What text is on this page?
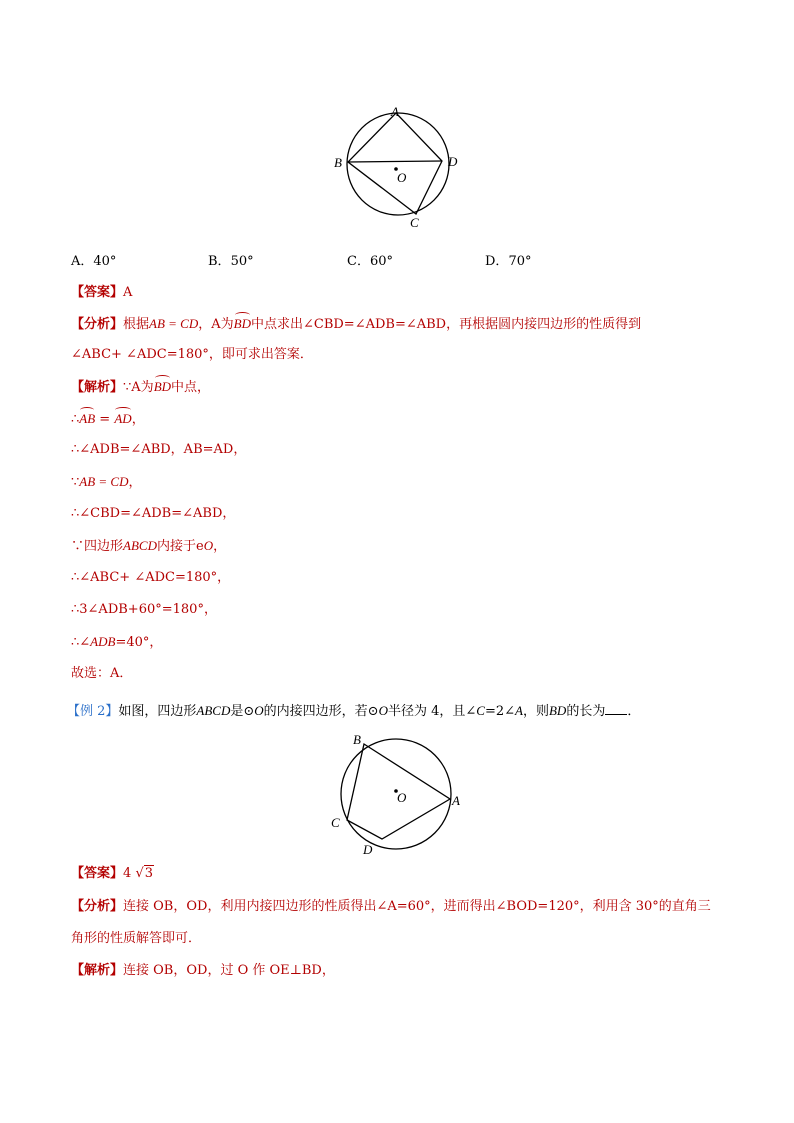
A
B	D
C
O
A．40°	B．50°	C．60°	D．70°
【答案】A
【分析】根据AB = CD，A为BD中点求出∠CBD=∠ADB=∠ABD，再根据圆内接四边形的性质得到
∠ABC+ ∠ADC=180°，即可求出答案．
【解析】∵A为BD中点，
∴AB = AD，
∴∠ADB=∠ABD，AB=AD，
∵AB = CD，
∴∠CBD=∠ADB=∠ABD，
∵四边形ABCD内接于eO，
∴∠ABC+ ∠ADC=180°，
∴3∠ADB+60°=180°，
∴∠ADB=40°，
故选：A．
【例 2】如图，四边形ABCD是⊙O的内接四边形，若⊙O半径为 4，且∠C=2∠A，则BD的长为 ．
B
A
C
D
O
【答案】4 √3
【分析】连接 OB，OD，利用内接四边形的性质得出∠A=60°，进而得出∠BOD=120°，利用含 30°的直角三
角形的性质解答即可．
【解析】连接 OB，OD，过 O 作 OE⊥BD，
